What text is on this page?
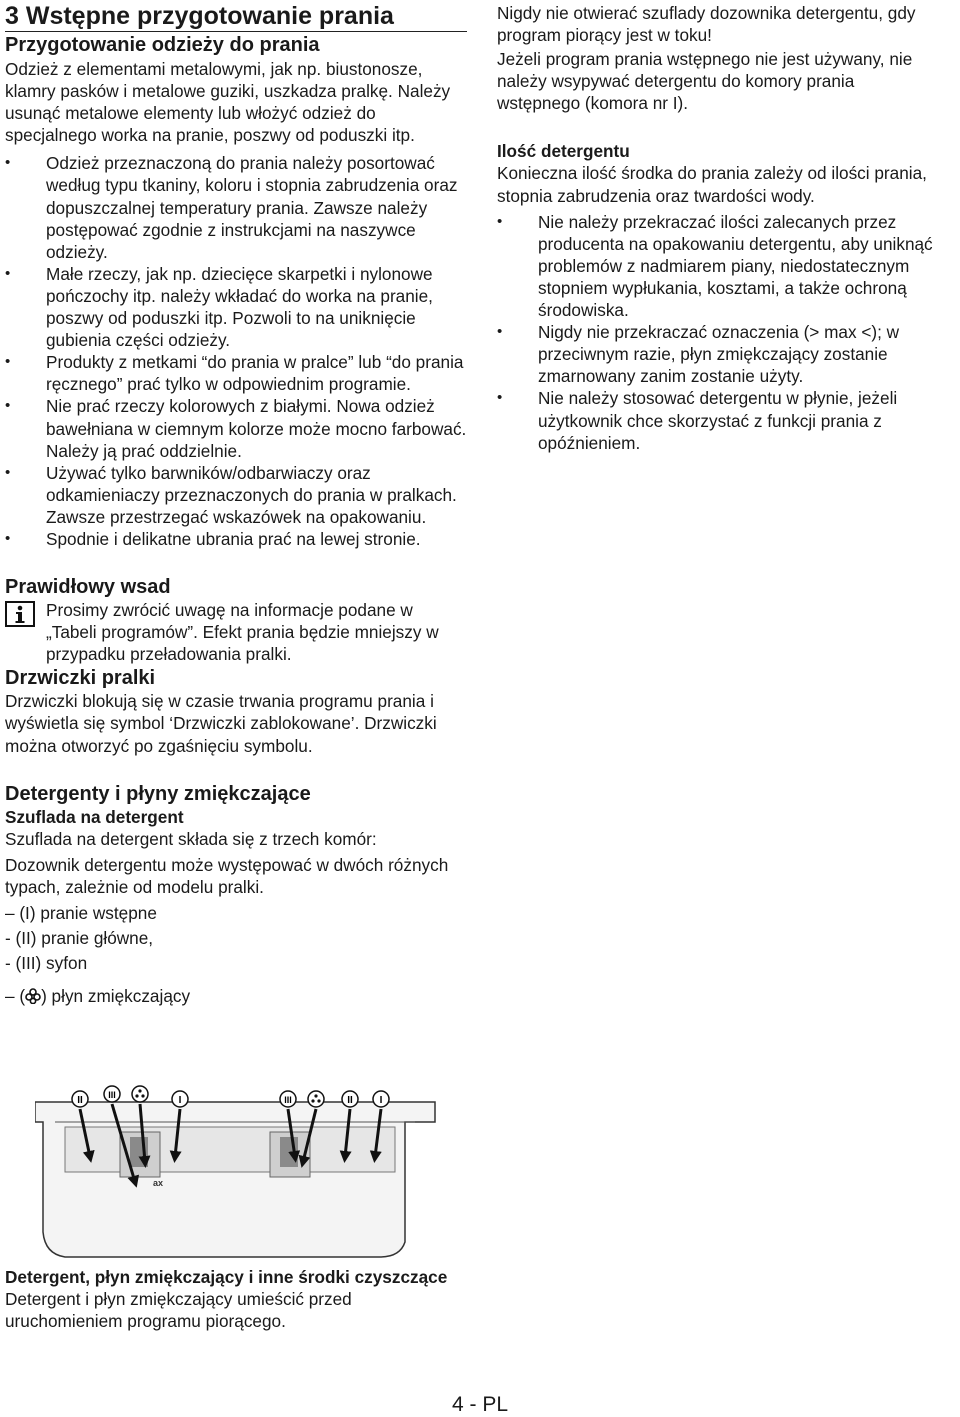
3 Wstępne przygotowanie prania
Przygotowanie odzieży do prania

Odzież z elementami metalowymi, jak np. biustonosze, klamry pasków i metalowe guziki, uszkadza pralkę. Należy usunąć metalowe elementy lub włożyć odzież do specjalnego worka na pranie, poszwy od poduszki itp.

• Odzież przeznaczoną do prania należy posortować według typu tkaniny, koloru i stopnia zabrudzenia oraz dopuszczalnej temperatury prania. Zawsze należy postępować zgodnie z instrukcjami na naszywce odzieży.
• Małe rzeczy, jak np. dziecięce skarpetki i nylonowe pończochy itp. należy wkładać do worka na pranie, poszwy od poduszki itp. Pozwoli to na uniknięcie gubienia części odzieży.
• Produkty z metkami “do prania w pralce” lub “do prania ręcznego” prać tylko w odpowiednim programie.
• Nie prać rzeczy kolorowych z białymi. Nowa odzież bawełniana w ciemnym kolorze może mocno farbować. Należy ją prać oddzielnie.
• Używać tylko barwników/odbarwiaczy oraz odkamieniaczy przeznaczonych do prania w pralkach. Zawsze przestrzegać wskazówek na opakowaniu.
• Spodnie i delikatne ubrania prać na lewej stronie.
Prawidłowy wsad

Prosimy zwrócić uwagę na informacje podane w „Tabeli programów”. Efekt prania będzie mniejszy w przypadku przeładowania pralki.

Drzwiczki pralki

Drzwiczki blokują się w czasie trwania programu prania i wyświetla się symbol ‘Drzwiczki zablokowane’. Drzwiczki można otworzyć po zgaśnięciu symbolu.

Detergenty i płyny zmiękczające
Szuflada na detergent

Szuflada na detergent składa się z trzech komór:

Dozownik detergentu może występować w dwóch różnych typach, zależnie od modelu pralki.

– (I) pranie wstępne
- (II) pranie główne,
- (III) syfon
– ( ) płyn zmiękczający
ax
II	III	I	III	II	I
Detergent, płyn zmiękczający i inne środki czyszczące

Detergent i płyn zmiękczający umieścić przed uruchomieniem programu piorącego.

Nigdy nie otwierać szuflady dozownika detergentu, gdy program piorący jest w toku!

Jeżeli program prania wstępnego nie jest używany, nie należy wsypywać detergentu do komory prania wstępnego (komora nr I).

Ilość detergentu

Konieczna ilość środka do prania zależy od ilości prania, stopnia zabrudzenia oraz twardości wody.

• Nie należy przekraczać ilości zalecanych przez producenta na opakowaniu detergentu, aby uniknąć problemów z nadmiarem piany, niedostatecznym stopniem wypłukania, kosztami, a także ochroną środowiska.
• Nigdy nie przekraczać oznaczenia (> max <); w przeciwnym razie, płyn zmiękczający zostanie zmarnowany zanim zostanie użyty.
• Nie należy stosować detergentu w płynie, jeżeli użytkownik chce skorzystać z funkcji prania z opóźnieniem.
4 - PL
